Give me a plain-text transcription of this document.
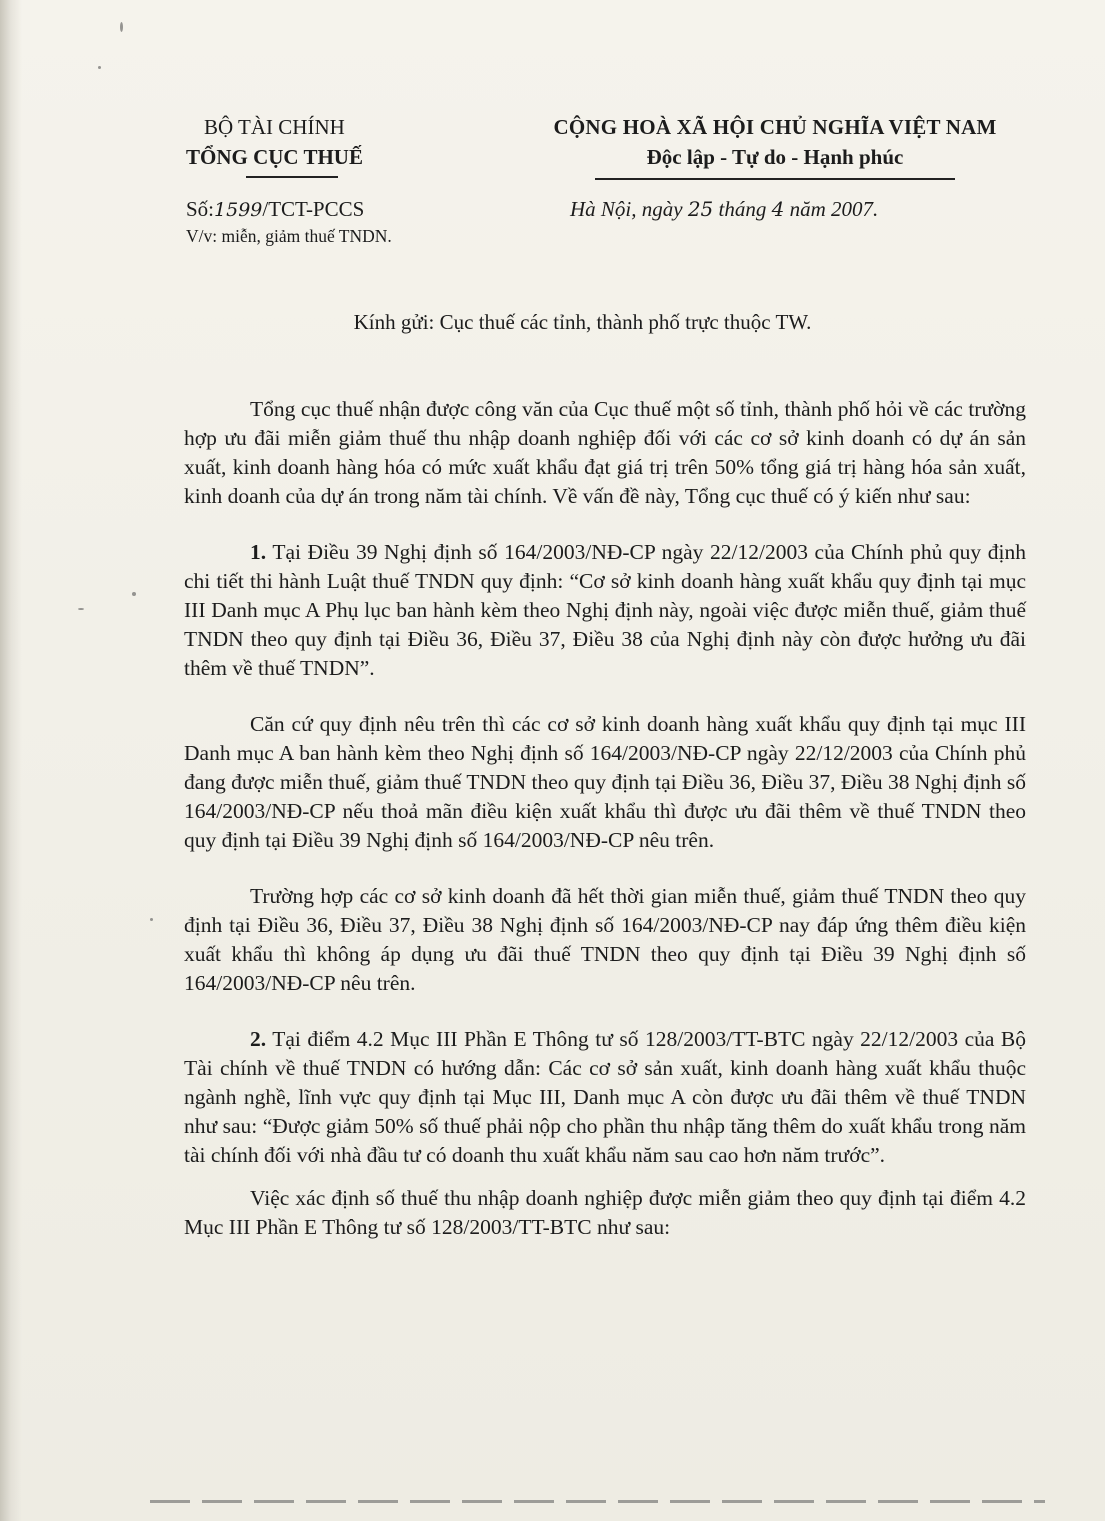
BỘ TÀI CHÍNH
TỔNG CỤC THUẾ
CỘNG HOÀ XÃ HỘI CHỦ NGHĨA VIỆT NAM
Độc lập - Tự do - Hạnh phúc
Số:1599/TCT-PCCS
V/v: miễn, giảm thuế TNDN.
Hà Nội, ngày 25 tháng 4 năm 2007.
Kính gửi: Cục thuế các tỉnh, thành phố trực thuộc TW.

Tổng cục thuế nhận được công văn của Cục thuế một số tỉnh, thành phố hỏi về các trường hợp ưu đãi miễn giảm thuế thu nhập doanh nghiệp đối với các cơ sở kinh doanh có dự án sản xuất, kinh doanh hàng hóa có mức xuất khẩu đạt giá trị trên 50% tổng giá trị hàng hóa sản xuất, kinh doanh của dự án trong năm tài chính. Về vấn đề này, Tổng cục thuế có ý kiến như sau:

1. Tại Điều 39 Nghị định số 164/2003/NĐ-CP ngày 22/12/2003 của Chính phủ quy định chi tiết thi hành Luật thuế TNDN quy định: “Cơ sở kinh doanh hàng xuất khẩu quy định tại mục III Danh mục A Phụ lục ban hành kèm theo Nghị định này, ngoài việc được miễn thuế, giảm thuế TNDN theo quy định tại Điều 36, Điều 37, Điều 38 của Nghị định này còn được hưởng ưu đãi thêm về thuế TNDN”.

Căn cứ quy định nêu trên thì các cơ sở kinh doanh hàng xuất khẩu quy định tại mục III Danh mục A ban hành kèm theo Nghị định số 164/2003/NĐ-CP ngày 22/12/2003 của Chính phủ đang được miễn thuế, giảm thuế TNDN theo quy định tại Điều 36, Điều 37, Điều 38 Nghị định số 164/2003/NĐ-CP nếu thoả mãn điều kiện xuất khẩu thì được ưu đãi thêm về thuế TNDN theo quy định tại Điều 39 Nghị định số 164/2003/NĐ-CP nêu trên.

Trường hợp các cơ sở kinh doanh đã hết thời gian miễn thuế, giảm thuế TNDN theo quy định tại Điều 36, Điều 37, Điều 38 Nghị định số 164/2003/NĐ-CP nay đáp ứng thêm điều kiện xuất khẩu thì không áp dụng ưu đãi thuế TNDN theo quy định tại Điều 39 Nghị định số 164/2003/NĐ-CP nêu trên.

2. Tại điểm 4.2 Mục III Phần E Thông tư số 128/2003/TT-BTC ngày 22/12/2003 của Bộ Tài chính về thuế TNDN có hướng dẫn: Các cơ sở sản xuất, kinh doanh hàng xuất khẩu thuộc ngành nghề, lĩnh vực quy định tại Mục III, Danh mục A còn được ưu đãi thêm về thuế TNDN như sau: “Được giảm 50% số thuế phải nộp cho phần thu nhập tăng thêm do xuất khẩu trong năm tài chính đối với nhà đầu tư có doanh thu xuất khẩu năm sau cao hơn năm trước”.

Việc xác định số thuế thu nhập doanh nghiệp được miễn giảm theo quy định tại điểm 4.2 Mục III Phần E Thông tư số 128/2003/TT-BTC như sau:
